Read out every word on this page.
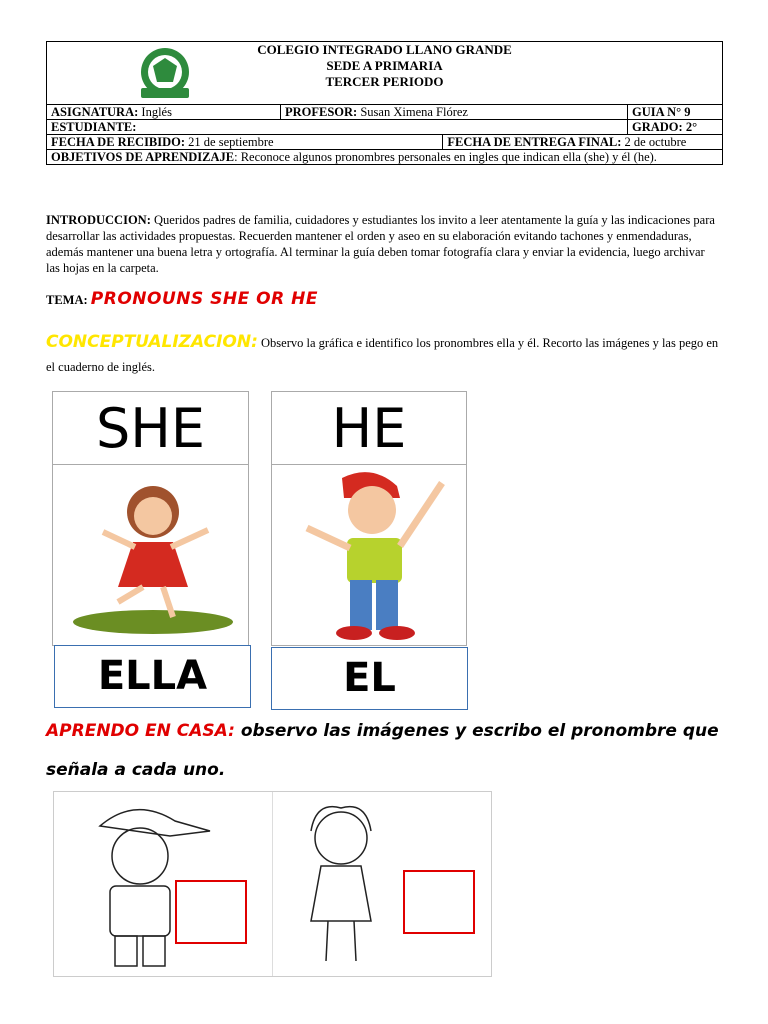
COLEGIO INTEGRADO LLANO GRANDE
SEDE A PRIMARIA
TERCER PERIODO			

ASIGNATURA: Inglés	PROFESOR: Susan Ximena Flórez		GUIA N° 9
ESTUDIANTE:			GRADO: 2°
FECHA DE RECIBIDO: 21 de septiembre		FECHA DE ENTREGA FINAL: 2 de octubre	
OBJETIVOS DE APRENDIZAJE: Reconoce algunos pronombres personales en ingles que indican ella (she) y él (he).			
INTRODUCCION: Queridos padres de familia, cuidadores y estudiantes los invito a leer atentamente la guía y las indicaciones para desarrollar las actividades propuestas. Recuerden mantener el orden y aseo en su elaboración evitando tachones y enmendaduras, además mantener una buena letra y ortografía. Al terminar la guía deben tomar fotografía clara y enviar la evidencia, luego archivar las hojas en la carpeta.
TEMA: PRONOUNS SHE OR HE
CONCEPTUALIZACION: Observo la gráfica e identifico los pronombres ella y él. Recorto las imágenes y las pego en el cuaderno de inglés.
SHE	HE
ELLA	EL
APRENDO EN CASA: observo las imágenes y escribo el pronombre que señala a cada uno.
